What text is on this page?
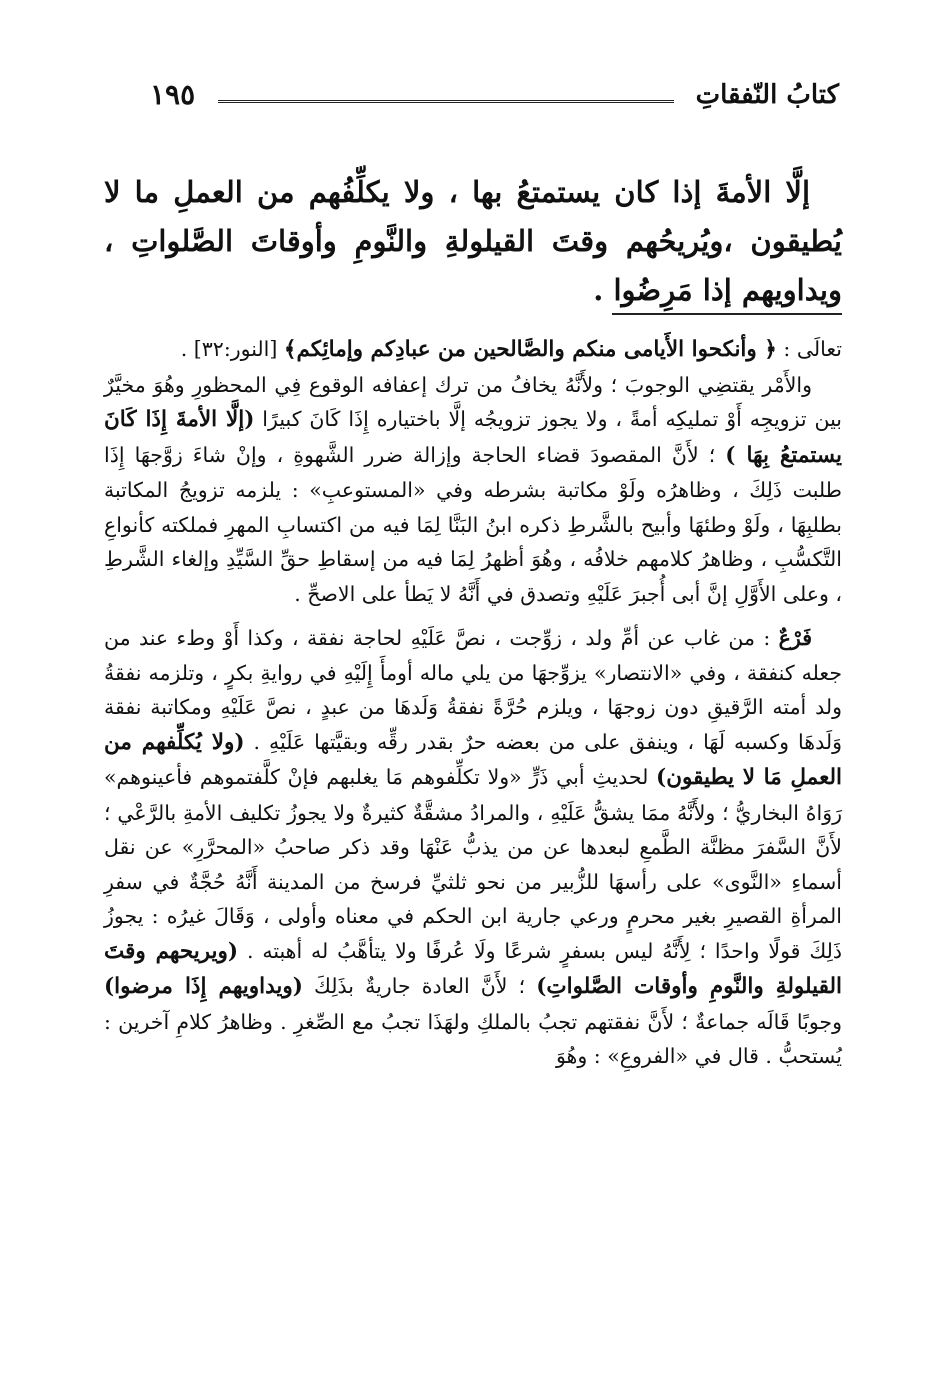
كتابُ النّفقاتِ
١٩٥

إلَّا الأمةَ إذا كان يستمتعُ بها ، ولا يكلِّفُهم من العملِ ما لا يُطيقون ،ويُريحُهم وقتَ القيلولةِ والنَّومِ وأوقاتَ الصَّلواتِ ، ويداويهم إذا مَرِضُوا .

تعالَى : ﴿ وأنكحوا الأَيامى منكم والصَّالحين من عبادِكم وإمائِكم﴾ [النور:٣٢] .

والأَمْر يقتضِي الوجوبَ ؛ ولأَنَّهُ يخافُ من ترك إعفافه الوقوع فِي المحظورِ وهُوَ مخيَّرٌ بين تزويجِه أَوْ تمليكِه أمةً ، ولا يجوز تزويجُه إلَّا باختياره إِذَا كَانَ كبيرًا (إلَّا الأمةَ إِذَا كَانَ يستمتعُ بِهَا ) ؛ لأَنَّ المقصودَ قضاء الحاجة وإزالة ضرر الشَّهوةِ ، وإنْ شاءَ زوَّجهَا إِذَا طلبت ذَلِكَ ، وظاهرُه ولَوْ مكاتبة بشرطه وفي «المستوعبِ» : يلزمه تزويجُ المكاتبة بطلبِهَا ، ولَوْ وطئهَا وأبيح بالشَّرطِ ذكره ابنُ البَنَّا لِمَا فيه من اكتسابِ المهرِ فملكته كأنواعِ التَّكسُّبِ ، وظاهرُ كلامهم خلافُه ، وهُوَ أظهرُ لِمَا فيه من إسقاطِ حقِّ السَّيِّدِ وإلغاء الشَّرطِ ، وعلى الأَوَّلِ إنَّ أبى أُجبرَ عَلَيْهِ وتصدق في أَنَّهُ لا يَطأ على الاصحِّ .

فَرْعٌ : من غاب عن أمِّ ولد ، زوِّجت ، نصَّ عَلَيْهِ لحاجة نفقة ، وكذا أَوْ وطء عند من جعله كنفقة ، وفي «الانتصار» يزوِّجهَا من يلي ماله أومأَ إِلَيْهِ في روايةِ بكرٍ ، وتلزمه نفقةُ ولد أمته الرَّقيقِ دون زوجهَا ، ويلزم حُرَّةً نفقةُ وَلَدهَا من عبدٍ ، نصَّ عَلَيْهِ ومكاتبة نفقة وَلَدهَا وكسبه لَهَا ، وينفق على من بعضه حرٌ بقدر رقِّه وبقيَّتها عَلَيْهِ . (ولا يُكلِّفهم من العملِ مَا لا يطيقون) لحديثِ أبي ذَرٍّ «ولا تكلِّفوهم مَا يغلبهم فإنْ كلَّفتموهم فأعينوهم» رَوَاهُ البخاريُّ ؛ ولأَنَّهُ ممَا يشقُّ عَلَيْهِ ، والمرادُ مشقَّةٌ كثيرةٌ ولا يجوزُ تكليف الأمةِ بالرَّعْي ؛ لأَنَّ السَّفرَ مظنَّة الطَّمعِ لبعدها عن من يذبُّ عَنْهَا وقد ذكر صاحبُ «المحرَّرِ» عن نقل أسماءِ «النَّوى» على رأسهَا للزُّبير من نحو ثلثيِّ فرسخ من المدينة أَنَّهُ حُجَّةٌ في سفرِ المرأةِ القصيرِ بغير محرمٍ ورعي جارية ابن الحكم في معناه وأولى ، وَقَالَ غيرُه : يجوزُ ذَلِكَ قولًا واحدًا ؛ لِأَنَّهُ ليس بسفرٍ شرعًا ولَا عُرفًا ولا يتأهَّبُ له أهبته . (ويريحهم وقتَ القيلولةِ والنَّومِ وأوقات الصَّلواتِ) ؛ لأَنَّ العادة جاريةٌ بذَلِكَ (ويداويهم إِذَا مرضوا) وجوبًا قَالَه جماعةٌ ؛ لأَنَّ نفقتهم تجبُ بالملكِ ولهَذَا تجبُ مع الصِّغرِ . وظاهرُ كلامِ آخرين : يُستحبُّ . قال في «الفروعِ» : وهُوَ
